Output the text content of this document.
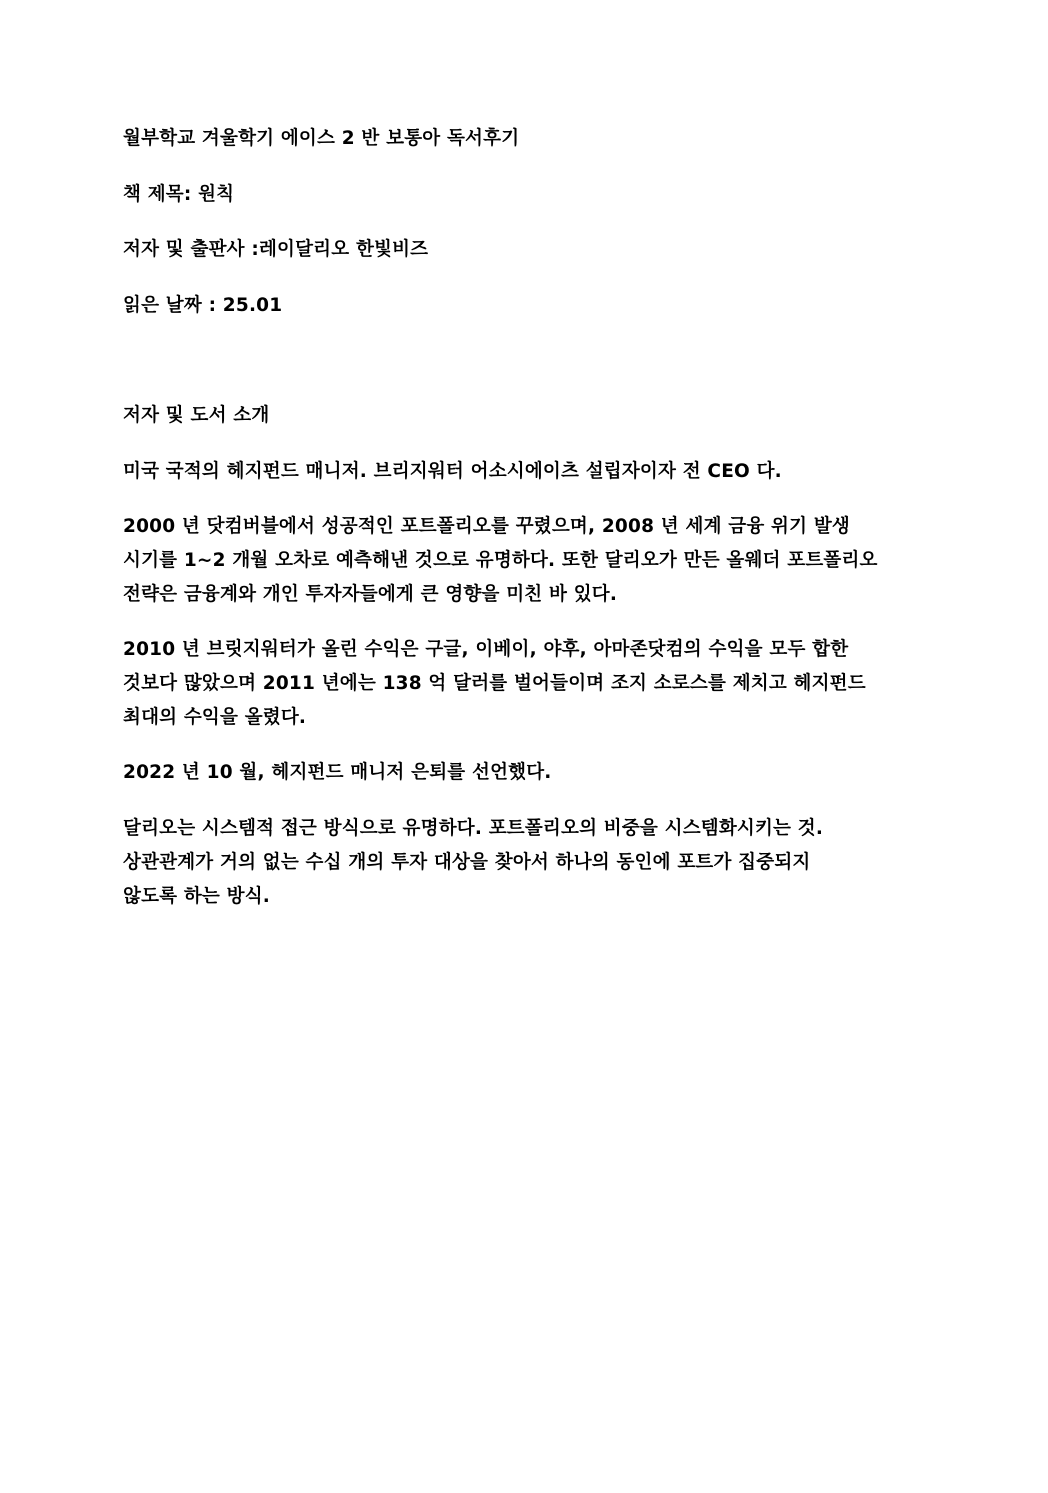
월부학교 겨울학기 에이스 2 반 보통아 독서후기
책 제목: 원칙
저자 및 출판사 :레이달리오 한빛비즈
읽은 날짜 : 25.01
저자 및 도서 소개
미국 국적의 헤지펀드 매니저. 브리지워터 어소시에이츠 설립자이자 전 CEO 다.
2000 년 닷컴버블에서 성공적인 포트폴리오를 꾸렸으며, 2008 년 세계 금융 위기 발생
시기를 1~2 개월 오차로 예측해낸 것으로 유명하다. 또한 달리오가 만든 올웨더 포트폴리오
전략은 금융계와 개인 투자자들에게 큰 영향을 미친 바 있다.
2010 년 브릿지워터가 올린 수익은 구글, 이베이, 야후, 아마존닷컴의 수익을 모두 합한
것보다 많았으며 2011 년에는 138 억 달러를 벌어들이며 조지 소로스를 제치고 헤지펀드
최대의 수익을 올렸다.
2022 년 10 월, 헤지펀드 매니저 은퇴를 선언했다.
달리오는 시스템적 접근 방식으로 유명하다. 포트폴리오의 비중을 시스템화시키는 것.
상관관계가 거의 없는 수십 개의 투자 대상을 찾아서 하나의 동인에 포트가 집중되지
않도록 하는 방식.
